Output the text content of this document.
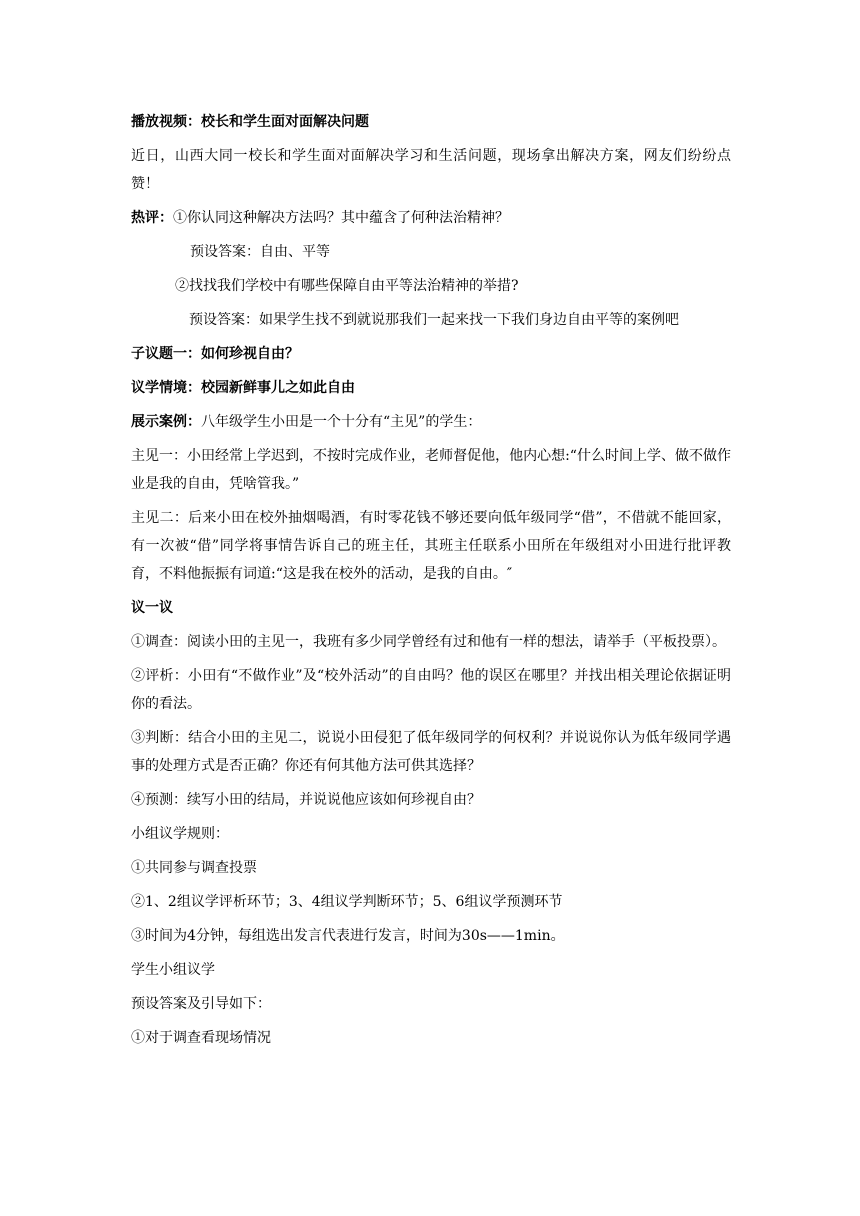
播放视频：校长和学生面对面解决问题

近日，山西大同一校长和学生面对面解决学习和生活问题，现场拿出解决方案，网友们纷纷点赞！

热评：①你认同这种解决方法吗？其中蕴含了何种法治精神？

预设答案：自由、平等

②找找我们学校中有哪些保障自由平等法治精神的举措?

预设答案：如果学生找不到就说那我们一起来找一下我们身边自由平等的案例吧

子议题一：如何珍视自由？

议学情境：校园新鲜事儿之如此自由

展示案例：八年级学生小田是一个十分有“主见”的学生：

主见一：小田经常上学迟到，不按时完成作业，老师督促他，他内心想:“什么时间上学、做不做作业是我的自由，凭啥管我。”

主见二：后来小田在校外抽烟喝酒，有时零花钱不够还要向低年级同学“借”，不借就不能回家，有一次被“借”同学将事情告诉自己的班主任，其班主任联系小田所在年级组对小田进行批评教育，不料他振振有词道:“这是我在校外的活动，是我的自由。″

议一议

①调查：阅读小田的主见一，我班有多少同学曾经有过和他有一样的想法，请举手（平板投票）。

②评析：小田有“不做作业”及“校外活动”的自由吗？他的误区在哪里？并找出相关理论依据证明你的看法。

③判断：结合小田的主见二，说说小田侵犯了低年级同学的何权利？并说说你认为低年级同学遇事的处理方式是否正确？你还有何其他方法可供其选择？

④预测：续写小田的结局，并说说他应该如何珍视自由？

小组议学规则：

①共同参与调查投票

②1、2组议学评析环节；3、4组议学判断环节；5、6组议学预测环节

③时间为4分钟，每组选出发言代表进行发言，时间为30s——1min。

学生小组议学

预设答案及引导如下：

①对于调查看现场情况
